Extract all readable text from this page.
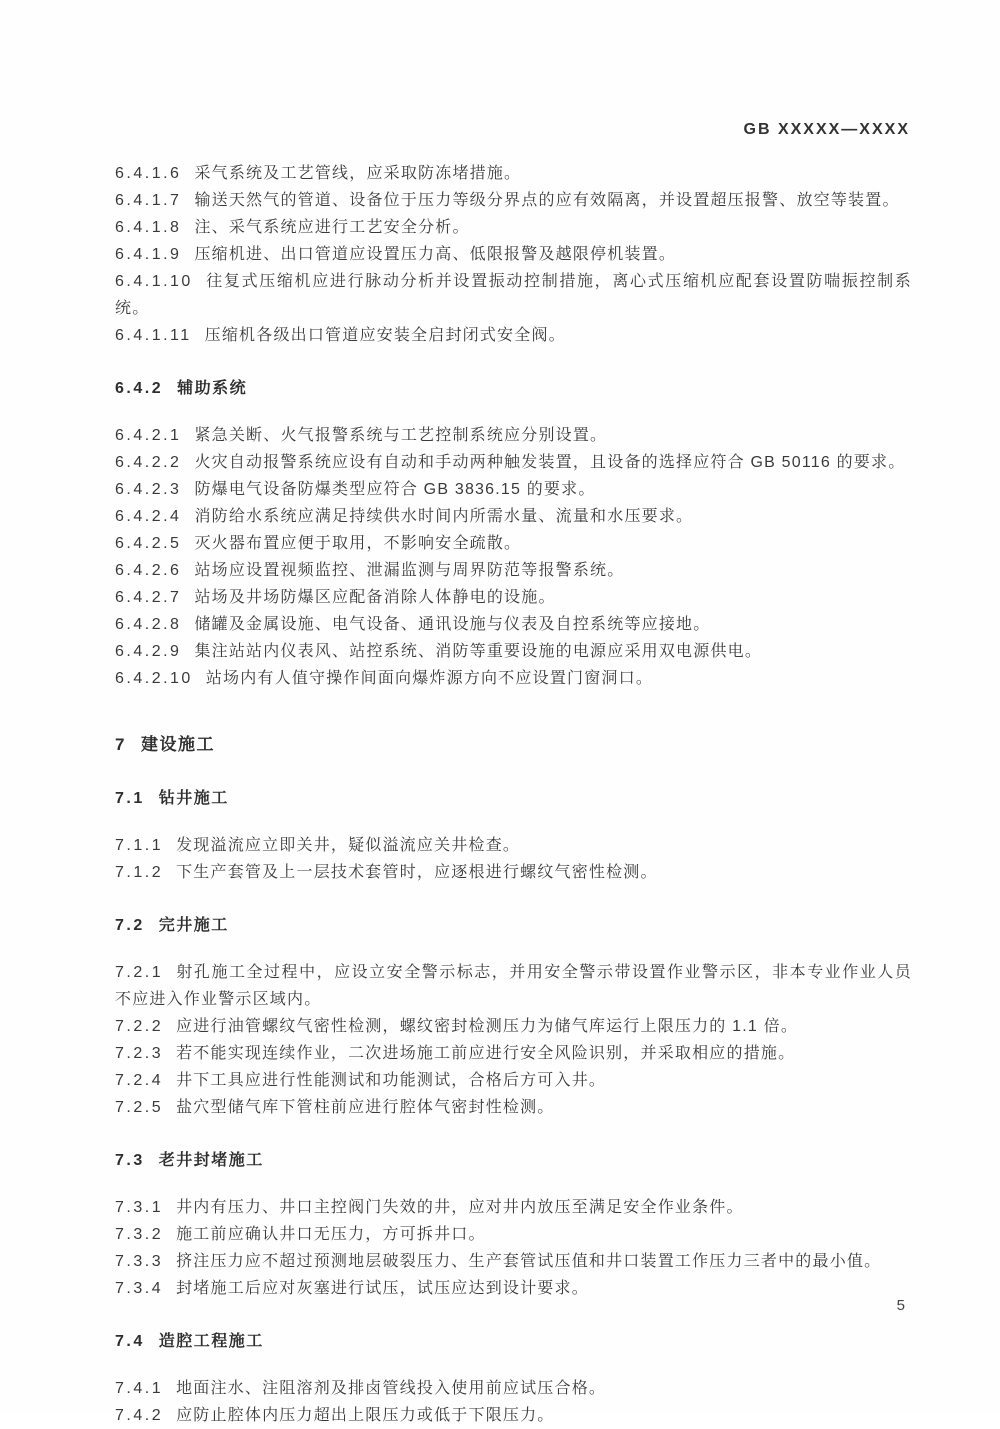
GB XXXXX—XXXX

6.4.1.6 采气系统及工艺管线，应采取防冻堵措施。

6.4.1.7 输送天然气的管道、设备位于压力等级分界点的应有效隔离，并设置超压报警、放空等装置。

6.4.1.8 注、采气系统应进行工艺安全分析。

6.4.1.9 压缩机进、出口管道应设置压力高、低限报警及越限停机装置。

6.4.1.10 往复式压缩机应进行脉动分析并设置振动控制措施，离心式压缩机应配套设置防喘振控制系统。

6.4.1.11 压缩机各级出口管道应安装全启封闭式安全阀。

6.4.2 辅助系统

6.4.2.1 紧急关断、火气报警系统与工艺控制系统应分别设置。

6.4.2.2 火灾自动报警系统应设有自动和手动两种触发装置，且设备的选择应符合 GB 50116 的要求。

6.4.2.3 防爆电气设备防爆类型应符合 GB 3836.15 的要求。

6.4.2.4 消防给水系统应满足持续供水时间内所需水量、流量和水压要求。

6.4.2.5 灭火器布置应便于取用，不影响安全疏散。

6.4.2.6 站场应设置视频监控、泄漏监测与周界防范等报警系统。

6.4.2.7 站场及井场防爆区应配备消除人体静电的设施。

6.4.2.8 储罐及金属设施、电气设备、通讯设施与仪表及自控系统等应接地。

6.4.2.9 集注站站内仪表风、站控系统、消防等重要设施的电源应采用双电源供电。

6.4.2.10 站场内有人值守操作间面向爆炸源方向不应设置门窗洞口。

7 建设施工
7.1 钻井施工

7.1.1 发现溢流应立即关井，疑似溢流应关井检查。

7.1.2 下生产套管及上一层技术套管时，应逐根进行螺纹气密性检测。

7.2 完井施工

7.2.1 射孔施工全过程中，应设立安全警示标志，并用安全警示带设置作业警示区，非本专业作业人员不应进入作业警示区域内。

7.2.2 应进行油管螺纹气密性检测，螺纹密封检测压力为储气库运行上限压力的 1.1 倍。

7.2.3 若不能实现连续作业，二次进场施工前应进行安全风险识别，并采取相应的措施。

7.2.4 井下工具应进行性能测试和功能测试，合格后方可入井。

7.2.5 盐穴型储气库下管柱前应进行腔体气密封性检测。

7.3 老井封堵施工

7.3.1 井内有压力、井口主控阀门失效的井，应对井内放压至满足安全作业条件。

7.3.2 施工前应确认井口无压力，方可拆井口。

7.3.3 挤注压力应不超过预测地层破裂压力、生产套管试压值和井口装置工作压力三者中的最小值。

7.3.4 封堵施工后应对灰塞进行试压，试压应达到设计要求。

7.4 造腔工程施工

7.4.1 地面注水、注阻溶剂及排卤管线投入使用前应试压合格。

7.4.2 应防止腔体内压力超出上限压力或低于下限压力。

5
